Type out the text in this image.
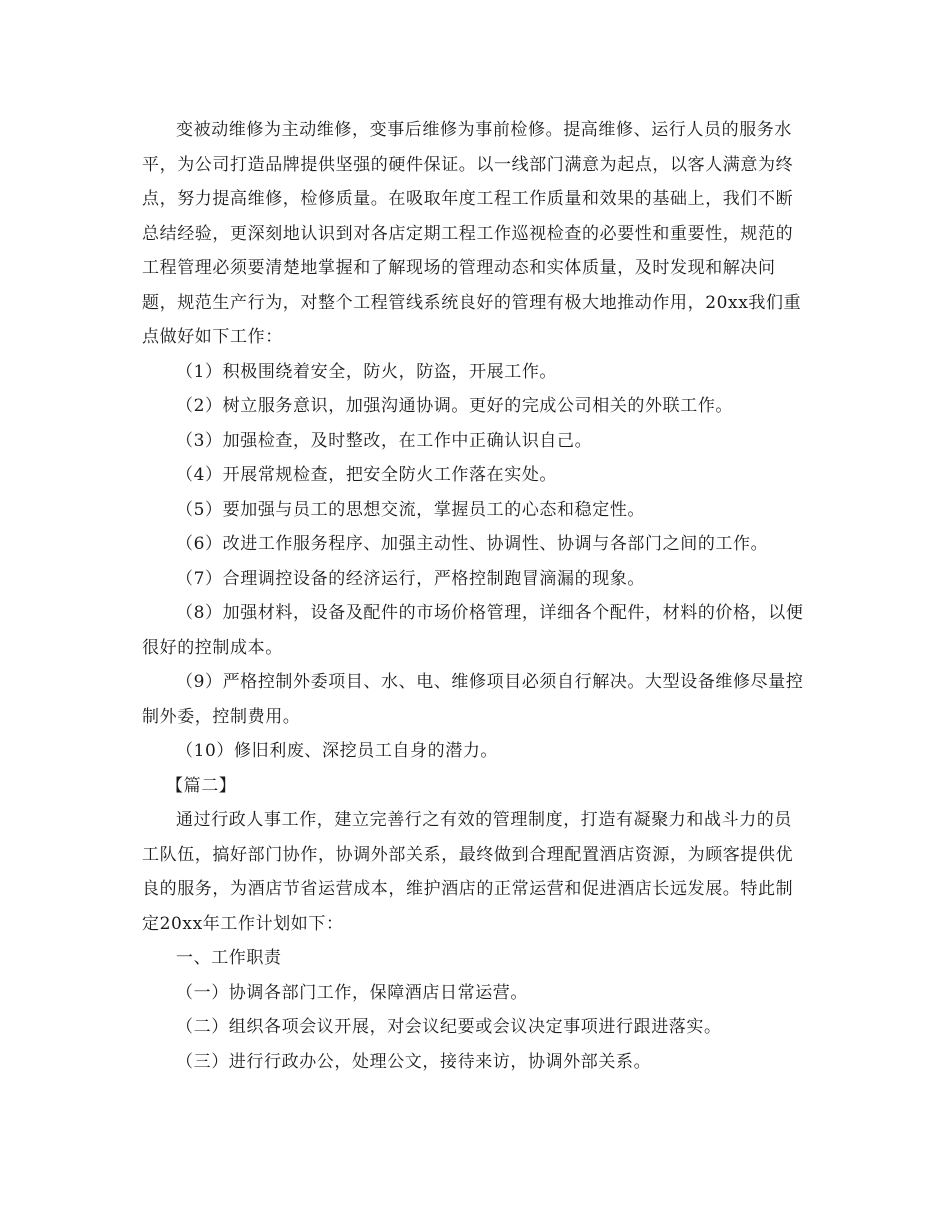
变被动维修为主动维修，变事后维修为事前检修。提高维修、运行人员的服务水平，为公司打造品牌提供坚强的硬件保证。以一线部门满意为起点，以客人满意为终点，努力提高维修，检修质量。在吸取年度工程工作质量和效果的基础上，我们不断总结经验，更深刻地认识到对各店定期工程工作巡视检查的必要性和重要性，规范的工程管理必须要清楚地掌握和了解现场的管理动态和实体质量，及时发现和解决问题，规范生产行为，对整个工程管线系统良好的管理有极大地推动作用，20xx我们重点做好如下工作：

（1）积极围绕着安全，防火，防盗，开展工作。

（2）树立服务意识，加强沟通协调。更好的完成公司相关的外联工作。

（3）加强检查，及时整改，在工作中正确认识自己。

（4）开展常规检查，把安全防火工作落在实处。

（5）要加强与员工的思想交流，掌握员工的心态和稳定性。

（6）改进工作服务程序、加强主动性、协调性、协调与各部门之间的工作。

（7）合理调控设备的经济运行，严格控制跑冒滴漏的现象。

（8）加强材料，设备及配件的市场价格管理，详细各个配件，材料的价格，以便很好的控制成本。

（9）严格控制外委项目、水、电、维修项目必须自行解决。大型设备维修尽量控制外委，控制费用。

（10）修旧利废、深挖员工自身的潜力。

【篇二】

通过行政人事工作，建立完善行之有效的管理制度，打造有凝聚力和战斗力的员工队伍，搞好部门协作，协调外部关系，最终做到合理配置酒店资源，为顾客提供优良的服务，为酒店节省运营成本，维护酒店的正常运营和促进酒店长远发展。特此制定20xx年工作计划如下：

一、工作职责

（一）协调各部门工作，保障酒店日常运营。

（二）组织各项会议开展，对会议纪要或会议决定事项进行跟进落实。

（三）进行行政办公，处理公文，接待来访，协调外部关系。
